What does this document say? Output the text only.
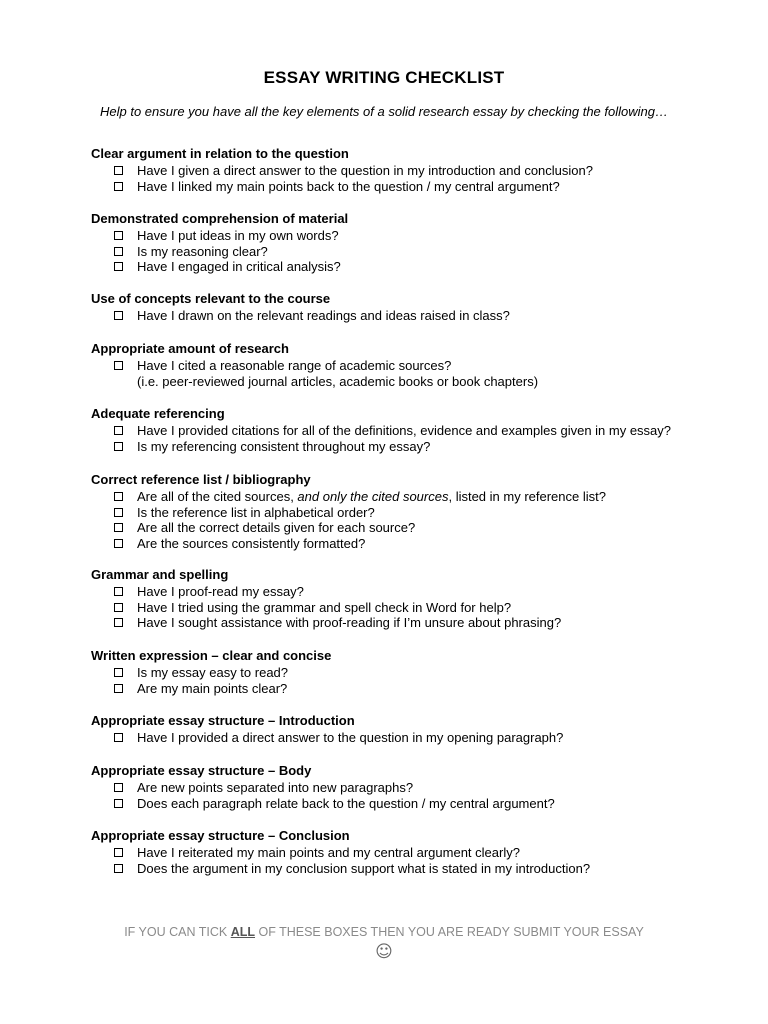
ESSAY WRITING CHECKLIST
Help to ensure you have all the key elements of a solid research essay by checking the following…
Clear argument in relation to the question
Have I given a direct answer to the question in my introduction and conclusion?
Have I linked my main points back to the question / my central argument?
Demonstrated comprehension of material
Have I put ideas in my own words?
Is my reasoning clear?
Have I engaged in critical analysis?
Use of concepts relevant to the course
Have I drawn on the relevant readings and ideas raised in class?
Appropriate amount of research
Have I cited a reasonable range of academic sources?
(i.e. peer-reviewed journal articles, academic books or book chapters)
Adequate referencing
Have I provided citations for all of the definitions, evidence and examples given in my essay?
Is my referencing consistent throughout my essay?
Correct reference list / bibliography
Are all of the cited sources, and only the cited sources, listed in my reference list?
Is the reference list in alphabetical order?
Are all the correct details given for each source?
Are the sources consistently formatted?
Grammar and spelling
Have I proof-read my essay?
Have I tried using the grammar and spell check in Word for help?
Have I sought assistance with proof-reading if I’m unsure about phrasing?
Written expression – clear and concise
Is my essay easy to read?
Are my main points clear?
Appropriate essay structure – Introduction
Have I provided a direct answer to the question in my opening paragraph?
Appropriate essay structure – Body
Are new points separated into new paragraphs?
Does each paragraph relate back to the question / my central argument?
Appropriate essay structure – Conclusion
Have I reiterated my main points and my central argument clearly?
Does the argument in my conclusion support what is stated in my introduction?
IF YOU CAN TICK ALL OF THESE BOXES THEN YOU ARE READY SUBMIT YOUR ESSAY
☺
